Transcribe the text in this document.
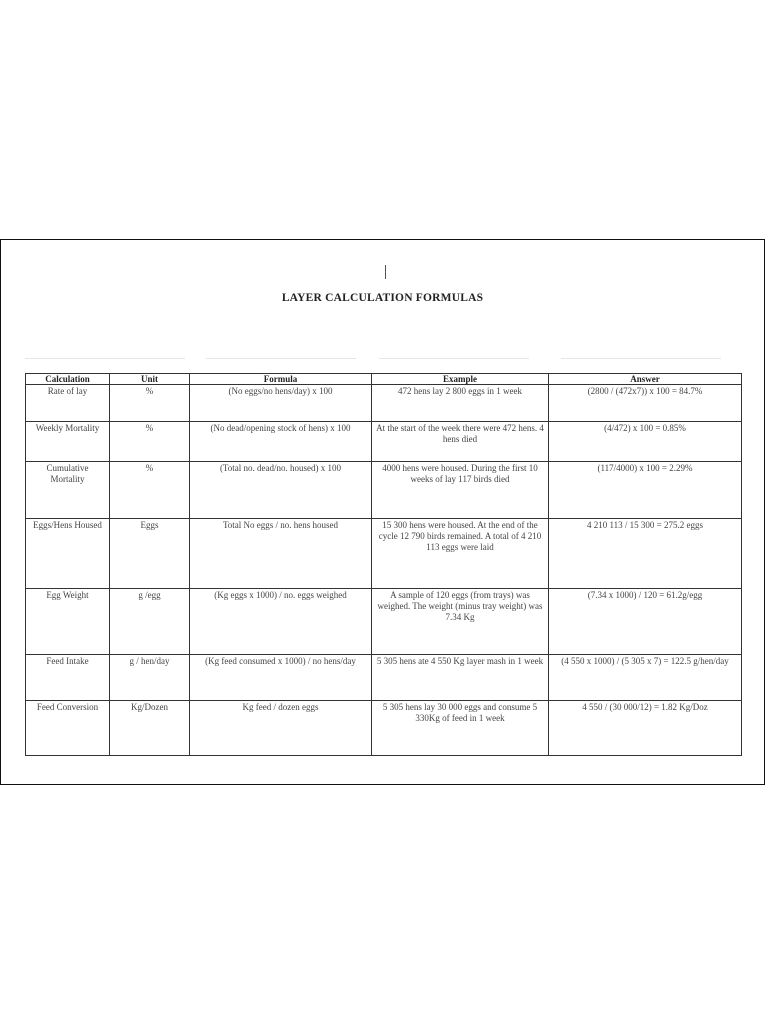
LAYER CALCULATION FORMULAS
Calculation	Unit	Formula	Example	Answer
Rate of lay	%	(No eggs/no hens/day) x 100	472 hens lay 2 800 eggs in 1 week	(2800 / (472x7)) x 100 = 84.7%
Weekly Mortality	%	(No dead/opening stock of hens) x 100	At the start of the week there were 472 hens. 4 hens died	(4/472) x 100 = 0.85%
Cumulative Mortality	%	(Total no. dead/no. housed) x 100	4000 hens were housed. During the first 10 weeks of lay 117 birds died	(117/4000) x 100 = 2.29%
Eggs/Hens Housed	Eggs	Total No eggs / no. hens housed	15 300 hens were housed. At the end of the cycle 12 790 birds remained. A total of 4 210 113 eggs were laid	4 210 113 / 15 300 = 275.2 eggs
Egg Weight	g /egg	(Kg eggs x 1000) / no. eggs weighed	A sample of 120 eggs (from trays) was weighed. The weight (minus tray weight) was 7.34 Kg	(7.34 x 1000) / 120 = 61.2g/egg
Feed Intake	g / hen/day	(Kg feed consumed x 1000) / no hens/day	5 305 hens ate 4 550 Kg layer mash in 1 week	(4 550 x 1000) / (5 305 x 7) = 122.5 g/hen/day
Feed Conversion	Kg/Dozen	Kg feed / dozen eggs	5 305 hens lay 30 000 eggs and consume 5 330Kg of feed in 1 week	4 550 / (30 000/12) = 1.82 Kg/Doz
